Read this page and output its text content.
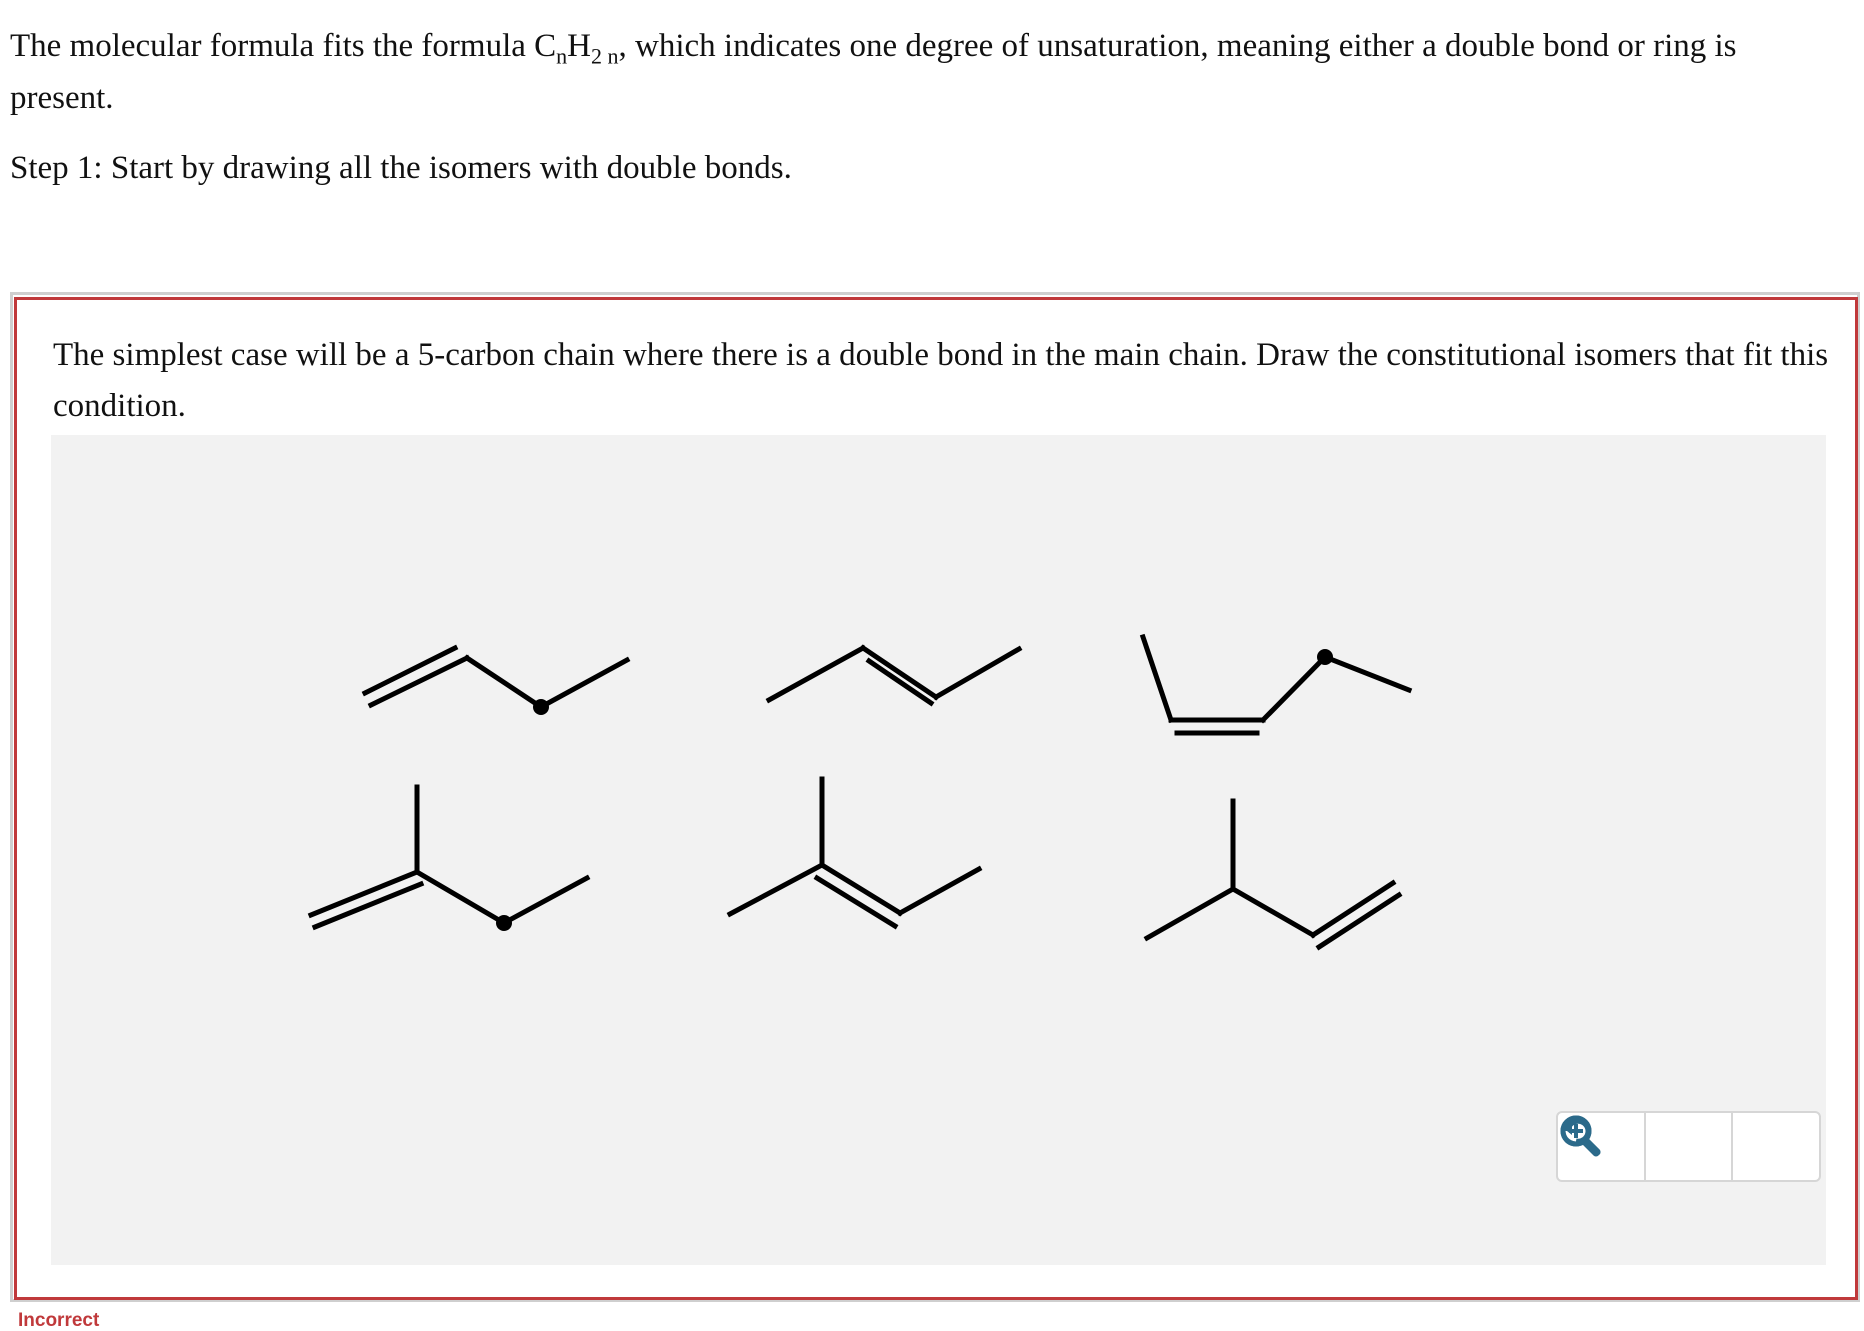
The molecular formula fits the formula $C_nH_{2 n}$, which indicates one degree of unsaturation, meaning either a double bond or ring is present.

Step 1: Start by drawing all the isomers with double bonds.

The simplest case will be a 5-carbon chain where there is a double bond in the main chain. Draw the constitutional isomers that fit this condition.

Incorrect
